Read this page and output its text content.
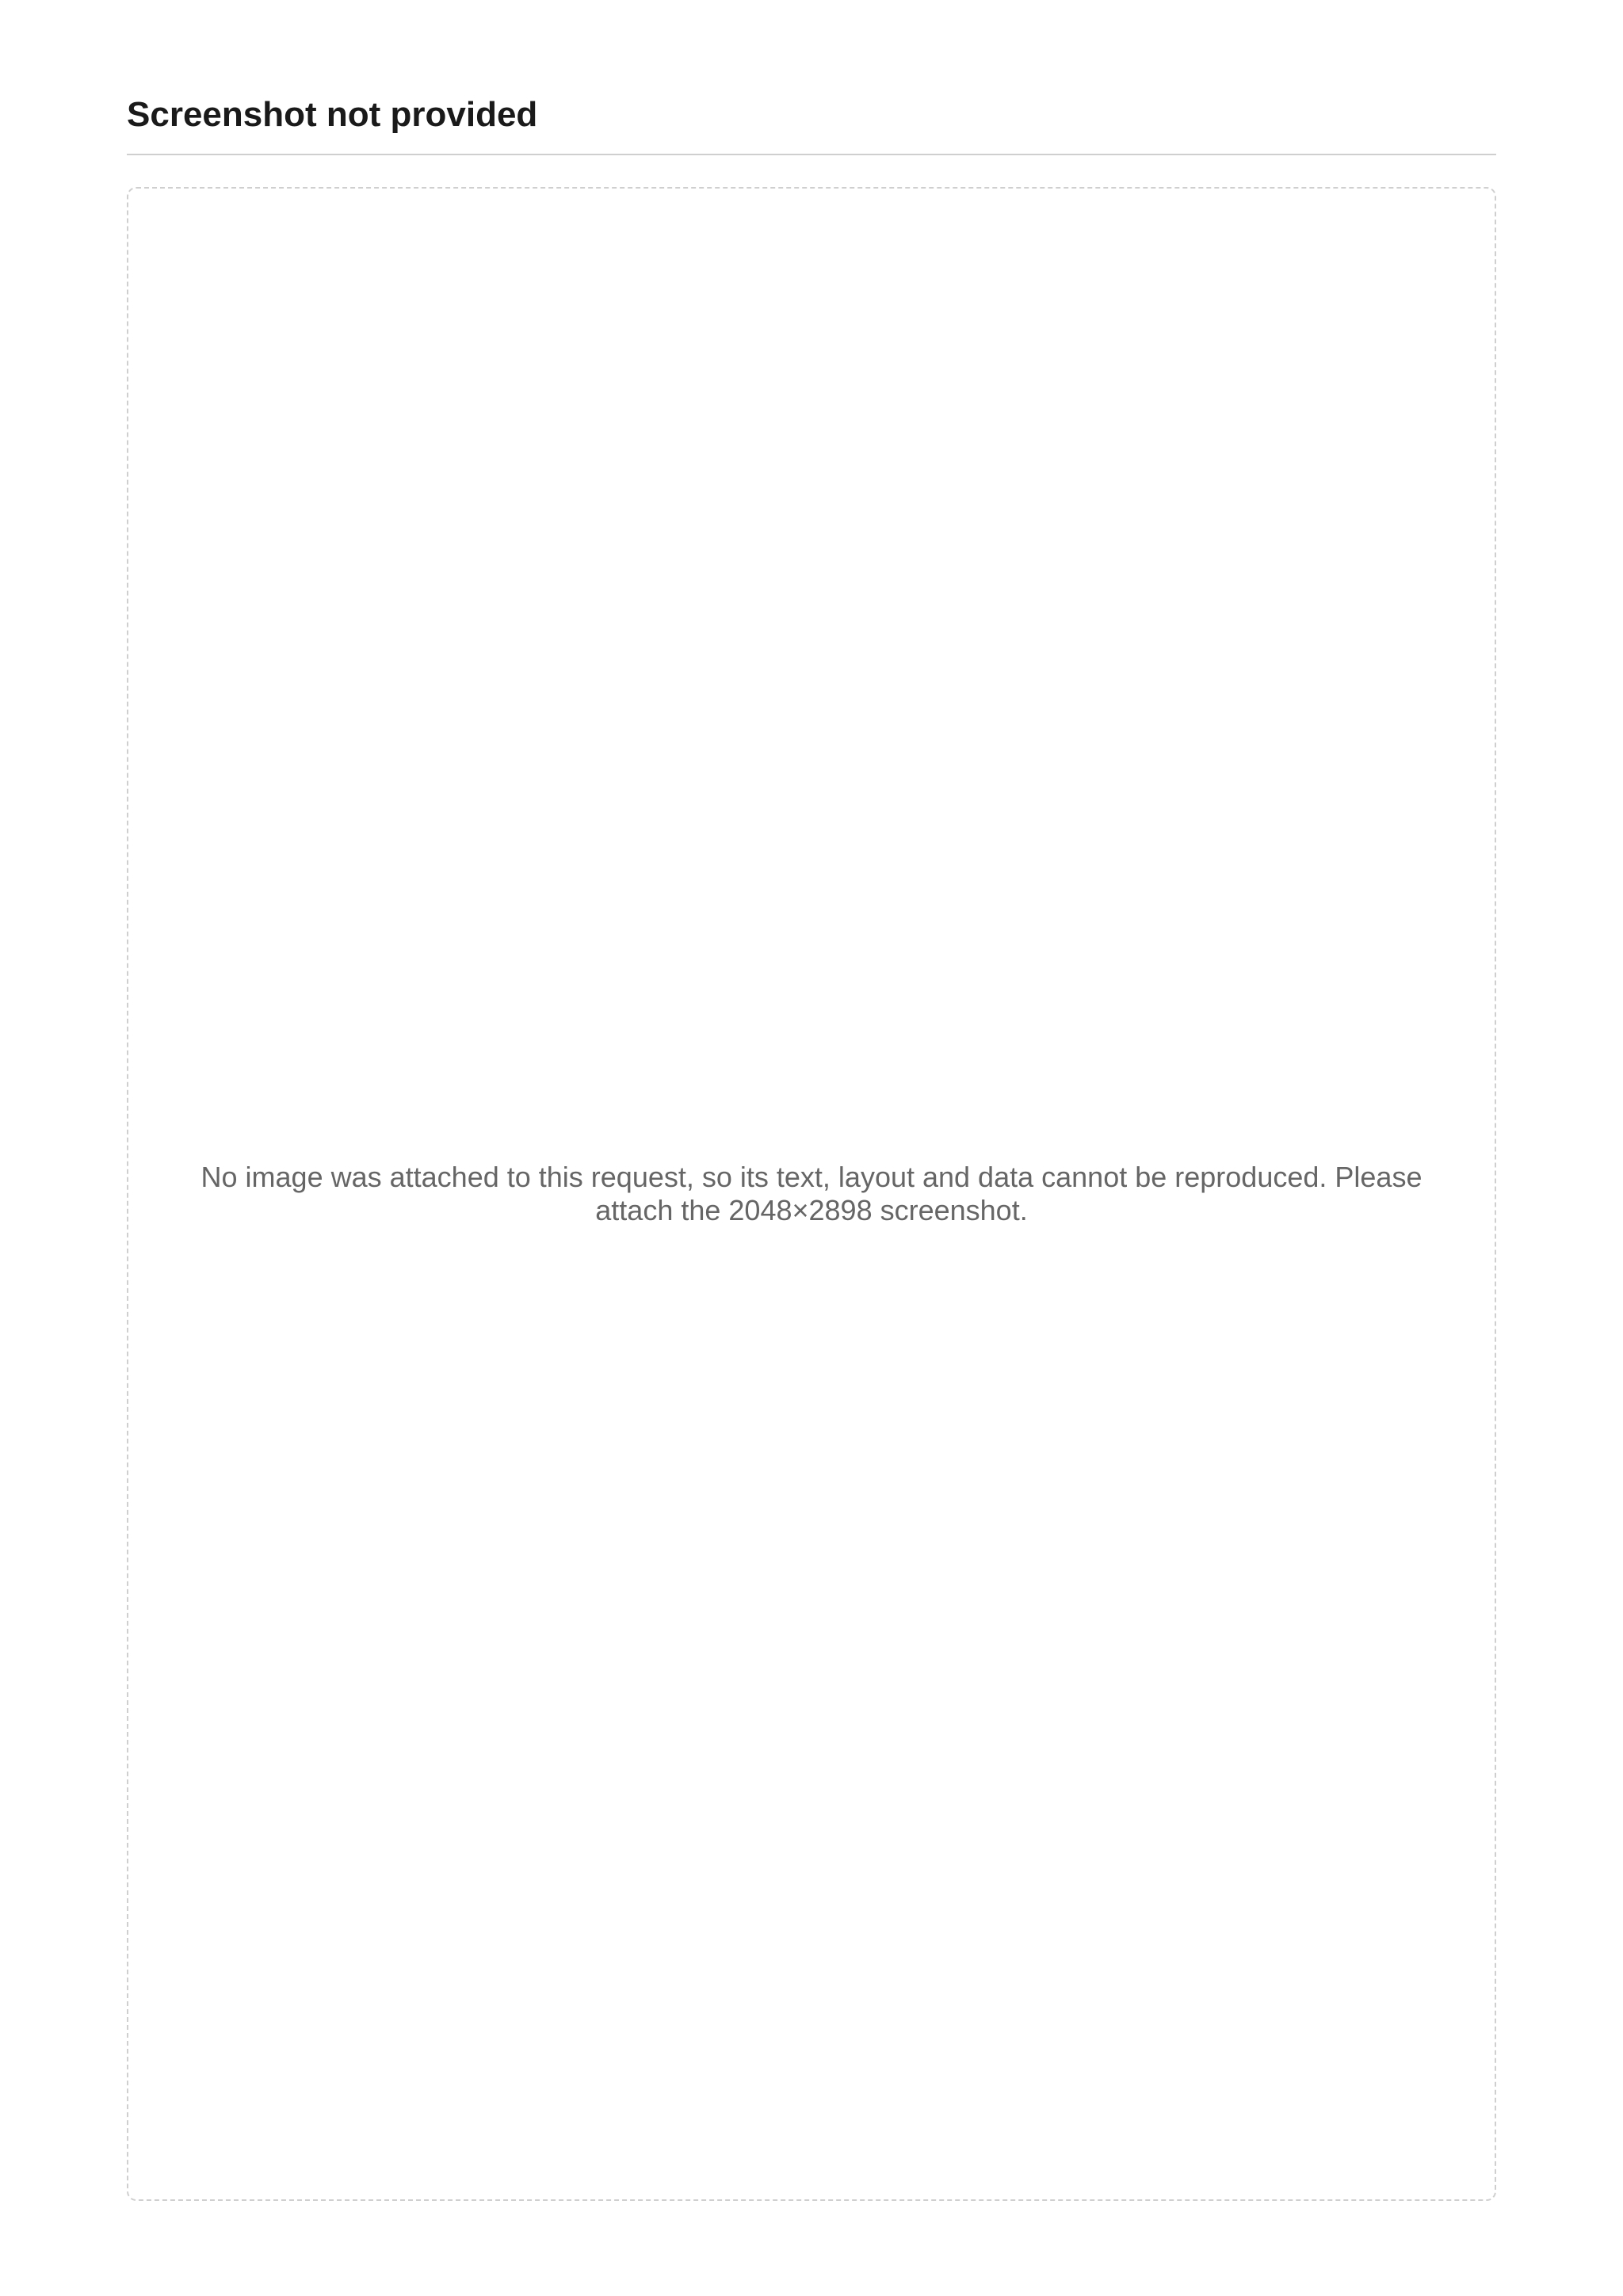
Screenshot not provided
No image was attached to this request, so its text, layout and data cannot be reproduced. Please attach the 2048×2898 screenshot.
